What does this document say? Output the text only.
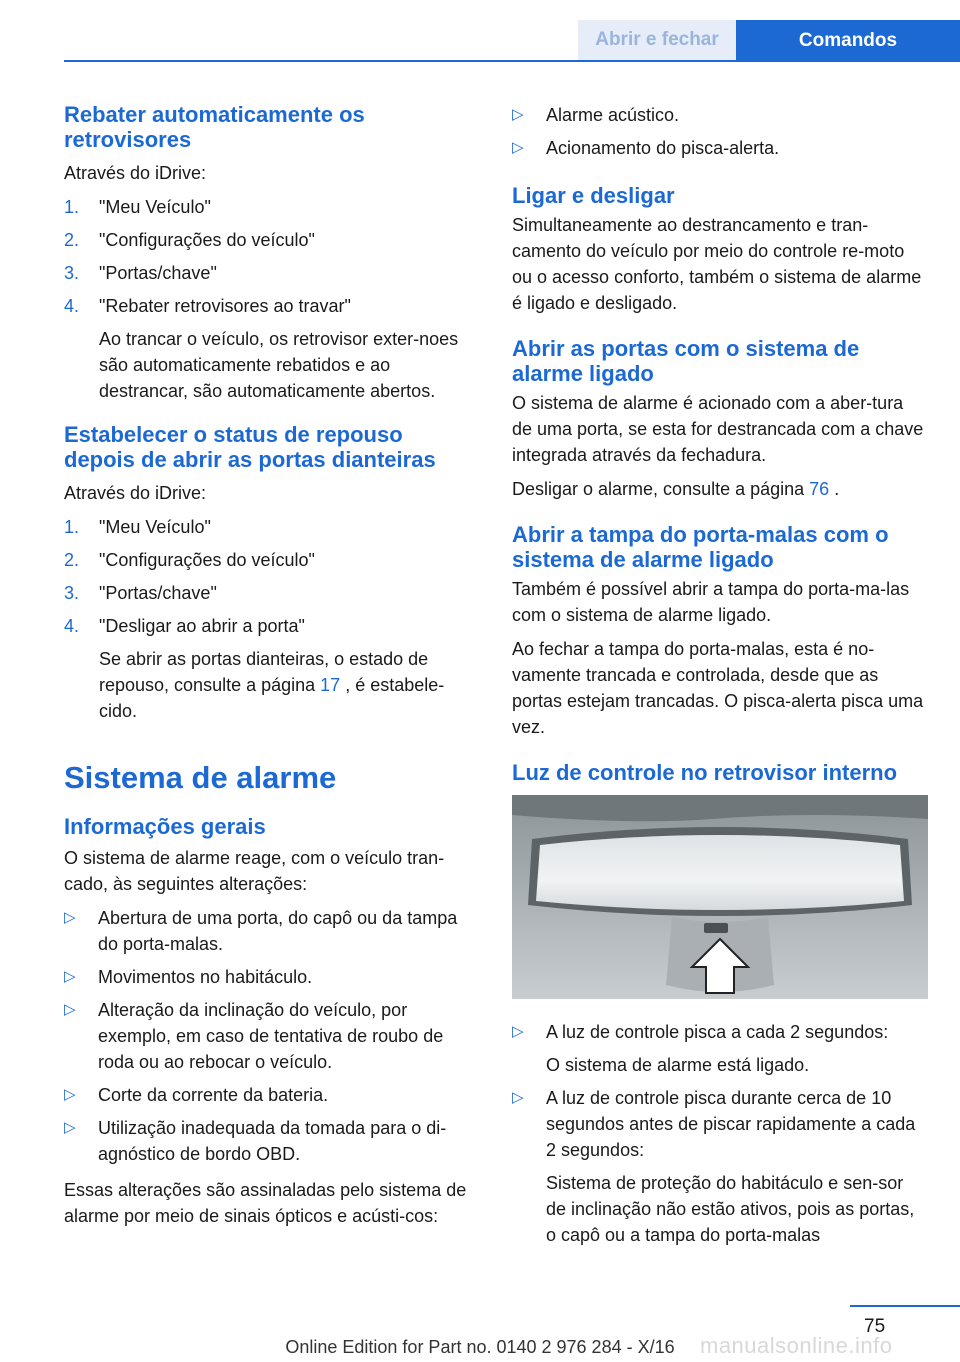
Abrir e fechar	Comandos
Rebater automaticamente os retrovisores

Através do iDrive:

1. "Meu Veículo"
2. "Configurações do veículo"
3. "Portas/chave"
4. "Rebater retrovisores ao travar"
Ao trancar o veículo, os retrovisor exter-noes são automaticamente rebatidos e ao destrancar, são automaticamente abertos.
Estabelecer o status de repouso depois de abrir as portas dianteiras

Através do iDrive:

1. "Meu Veículo"
2. "Configurações do veículo"
3. "Portas/chave"
4. "Desligar ao abrir a porta"
Se abrir as portas dianteiras, o estado de repouso, consulte a página 17 , é estabele-cido.
Sistema de alarme
Informações gerais

O sistema de alarme reage, com o veículo tran-cado, às seguintes alterações:

▷ Abertura de uma porta, do capô ou da tampa do porta-malas.
▷ Movimentos no habitáculo.
▷ Alteração da inclinação do veículo, por exemplo, em caso de tentativa de roubo de roda ou ao rebocar o veículo.
▷ Corte da corrente da bateria.
▷ Utilização inadequada da tomada para o di-agnóstico de bordo OBD.

Essas alterações são assinaladas pelo sistema de alarme por meio de sinais ópticos e acústi-cos:

▷ Alarme acústico.
▷ Acionamento do pisca-alerta.
Ligar e desligar

Simultaneamente ao destrancamento e tran-camento do veículo por meio do controle re-moto ou o acesso conforto, também o sistema de alarme é ligado e desligado.

Abrir as portas com o sistema de alarme ligado

O sistema de alarme é acionado com a aber-tura de uma porta, se esta for destrancada com a chave integrada através da fechadura.

Desligar o alarme, consulte a página 76 .

Abrir a tampa do porta-malas com o sistema de alarme ligado

Também é possível abrir a tampa do porta-ma-las com o sistema de alarme ligado.

Ao fechar a tampa do porta-malas, esta é no-vamente trancada e controlada, desde que as portas estejam trancadas. O pisca-alerta pisca uma vez.

Luz de controle no retrovisor interno
▷ A luz de controle pisca a cada 2 segundos:
O sistema de alarme está ligado.
▷ A luz de controle pisca durante cerca de 10 segundos antes de piscar rapidamente a cada 2 segundos:
Sistema de proteção do habitáculo e sen-sor de inclinação não estão ativos, pois as portas, o capô ou a tampa do porta-malas
75
manualsonline.info
Online Edition for Part no. 0140 2 976 284 - X/16
